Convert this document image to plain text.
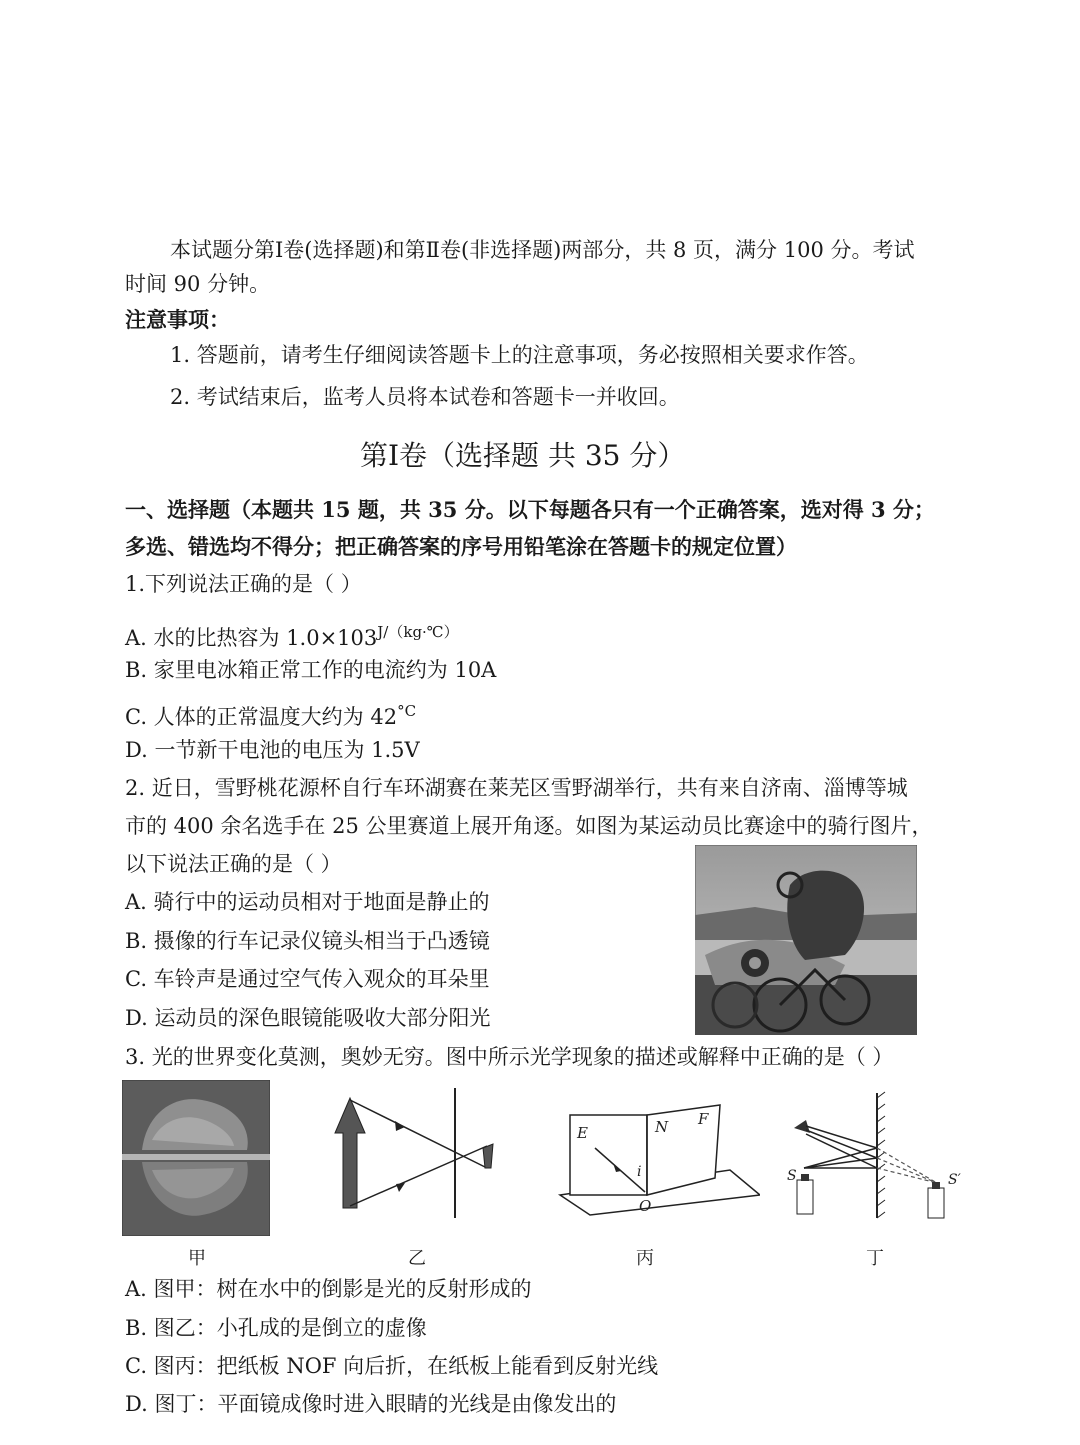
本试题分第Ⅰ卷(选择题)和第Ⅱ卷(非选择题)两部分，共 8 页，满分 100 分。考试
时间 90 分钟。
注意事项：
1. 答题前，请考生仔细阅读答题卡上的注意事项，务必按照相关要求作答。
2. 考试结束后，监考人员将本试卷和答题卡一并收回。
第Ⅰ卷（选择题 共 35 分）
一、选择题（本题共 15 题，共 35 分。以下每题各只有一个正确答案，选对得 3 分；
多选、错选均不得分；把正确答案的序号用铅笔涂在答题卡的规定位置）
1.下列说法正确的是（ ）
A. 水的比热容为 $1.0\times 103^{J/(kg\cdot℃)}$
B. 家里电冰箱正常工作的电流约为 10A
C. 人体的正常温度大约为 $42^{^\circ C}$
D. 一节新干电池的电压为 1.5V
2. 近日，雪野桃花源杯自行车环湖赛在莱芜区雪野湖举行，共有来自济南、淄博等城
市的 400 余名选手在 25 公里赛道上展开角逐。如图为某运动员比赛途中的骑行图片，
以下说法正确的是（ ）
A. 骑行中的运动员相对于地面是静止的
B. 摄像的行车记录仪镜头相当于凸透镜
C. 车铃声是通过空气传入观众的耳朵里
D. 运动员的深色眼镜能吸收大部分阳光
3. 光的世界变化莫测，奥妙无穷。图中所示光学现象的描述或解释中正确的是（ ）
甲	乙
E	N F
i
O
丙
S	S′
丁
A. 图甲：树在水中的倒影是光的反射形成的
B. 图乙：小孔成的是倒立的虚像
C. 图丙：把纸板 NOF 向后折，在纸板上能看到反射光线
D. 图丁：平面镜成像时进入眼睛的光线是由像发出的
